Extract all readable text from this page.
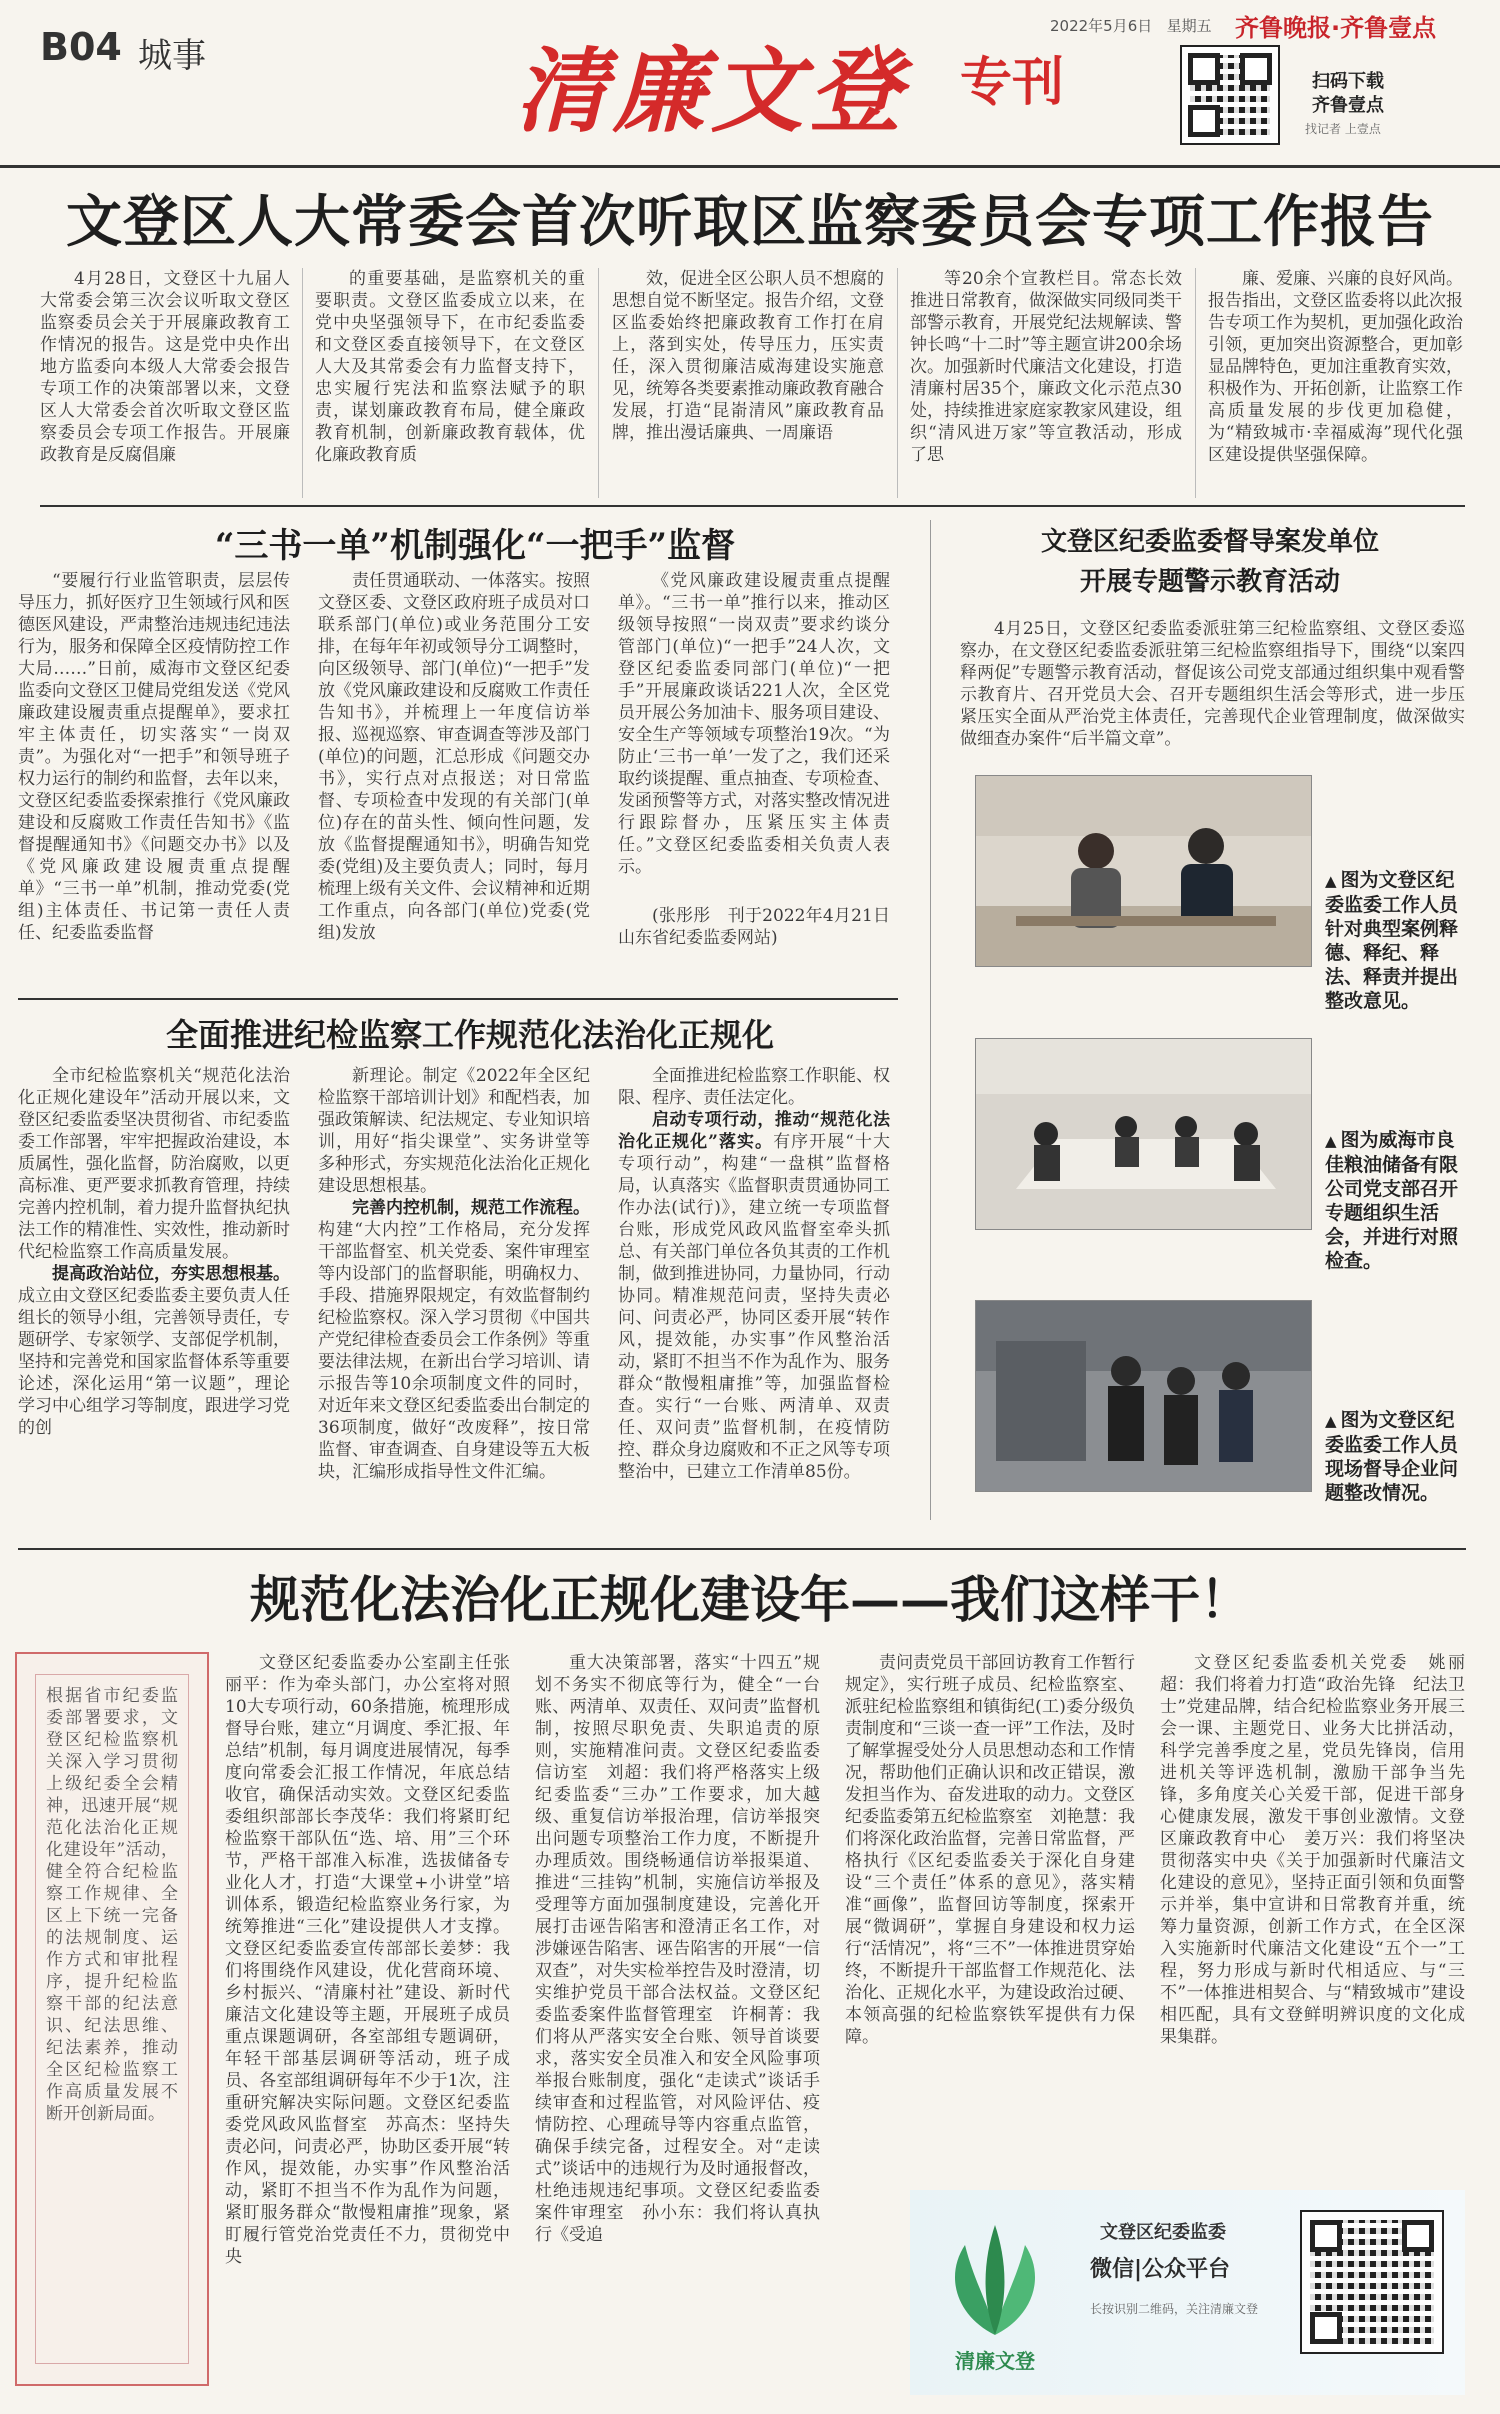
B04 城事	清廉文登 专刊
2022年5月6日 星期五 齐鲁晚报·齐鲁壹点
扫码下载
齐鲁壹点
找记者 上壹点
文登区人大常委会首次听取区监察委员会专项工作报告

4月28日，文登区十九届人大常委会第三次会议听取文登区监察委员会关于开展廉政教育工作情况的报告。这是党中央作出地方监委向本级人大常委会报告专项工作的决策部署以来，文登区人大常委会首次听取文登区监察委员会专项工作报告。开展廉政教育是反腐倡廉

的重要基础，是监察机关的重要职责。文登区监委成立以来，在党中央坚强领导下，在市纪委监委和文登区委直接领导下，在文登区人大及其常委会有力监督支持下，忠实履行宪法和监察法赋予的职责，谋划廉政教育布局，健全廉政教育机制，创新廉政教育载体，优化廉政教育质

效，促进全区公职人员不想腐的思想自觉不断坚定。报告介绍，文登区监委始终把廉政教育工作打在肩上，落到实处，传导压力，压实责任，深入贯彻廉洁威海建设实施意见，统筹各类要素推动廉政教育融合发展，打造“昆嵛清风”廉政教育品牌，推出漫话廉典、一周廉语

等20余个宣教栏目。常态长效推进日常教育，做深做实同级同类干部警示教育，开展党纪法规解读、警钟长鸣“十二时”等主题宣讲200余场次。加强新时代廉洁文化建设，打造清廉村居35个，廉政文化示范点30处，持续推进家庭家教家风建设，组织“清风进万家”等宣教活动，形成了思

廉、爱廉、兴廉的良好风尚。报告指出，文登区监委将以此次报告专项工作为契机，更加强化政治引领，更加突出资源整合，更加彰显品牌特色，更加注重教育实效，积极作为、开拓创新，让监察工作高质量发展的步伐更加稳健，为“精致城市·幸福威海”现代化强区建设提供坚强保障。

“三书一单”机制强化“一把手”监督

“要履行行业监管职责，层层传导压力，抓好医疗卫生领域行风和医德医风建设，严肃整治违规违纪违法行为，服务和保障全区疫情防控工作大局……”日前，威海市文登区纪委监委向文登区卫健局党组发送《党风廉政建设履责重点提醒单》，要求扛牢主体责任，切实落实“一岗双责”。为强化对“一把手”和领导班子权力运行的制约和监督，去年以来，文登区纪委监委探索推行《党风廉政建设和反腐败工作责任告知书》《监督提醒通知书》《问题交办书》以及《党风廉政建设履责重点提醒单》“三书一单”机制，推动党委(党组)主体责任、书记第一责任人责任、纪委监委监督

责任贯通联动、一体落实。按照文登区委、文登区政府班子成员对口联系部门(单位)或业务范围分工安排，在每年年初或领导分工调整时，向区级领导、部门(单位)“一把手”发放《党风廉政建设和反腐败工作责任告知书》，并梳理上一年度信访举报、巡视巡察、审查调查等涉及部门(单位)的问题，汇总形成《问题交办书》，实行点对点报送；对日常监督、专项检查中发现的有关部门(单位)存在的苗头性、倾向性问题，发放《监督提醒通知书》，明确告知党委(党组)及主要负责人；同时，每月梳理上级有关文件、会议精神和近期工作重点，向各部门(单位)党委(党组)发放

《党风廉政建设履责重点提醒单》。“三书一单”推行以来，推动区级领导按照“一岗双责”要求约谈分管部门(单位)“一把手”24人次，文登区纪委监委同部门(单位)“一把手”开展廉政谈话221人次，全区党员开展公务加油卡、服务项目建设、安全生产等领域专项整治19次。“为防止‘三书一单’一发了之，我们还采取约谈提醒、重点抽查、专项检查、发函预警等方式，对落实整改情况进行跟踪督办，压紧压实主体责任。”文登区纪委监委相关负责人表示。

(张彤彤　刊于2022年4月21日山东省纪委监委网站)

文登区纪委监委督导案发单位
开展专题警示教育活动

4月25日，文登区纪委监委派驻第三纪检监察组、文登区委巡察办，在文登区纪委监委派驻第三纪检监察组指导下，围绕“以案四释两促”专题警示教育活动，督促该公司党支部通过组织集中观看警示教育片、召开党员大会、召开专题组织生活会等形式，进一步压紧压实全面从严治党主体责任，完善现代企业管理制度，做深做实做细查办案件“后半篇文章”。

▲ 图为文登区纪委监委工作人员针对典型案例释德、释纪、释法、释责并提出整改意见。
▲ 图为威海市良佳粮油储备有限公司党支部召开专题组织生活会，并进行对照检查。
▲ 图为文登区纪委监委工作人员现场督导企业问题整改情况。
全面推进纪检监察工作规范化法治化正规化

全市纪检监察机关“规范化法治化正规化建设年”活动开展以来，文登区纪委监委坚决贯彻省、市纪委监委工作部署，牢牢把握政治建设，本质属性，强化监督，防治腐败，以更高标准、更严要求抓教育管理，持续完善内控机制，着力提升监督执纪执法工作的精准性、实效性，推动新时代纪检监察工作高质量发展。

提高政治站位，夯实思想根基。成立由文登区纪委监委主要负责人任组长的领导小组，完善领导责任，专题研学、专家领学、支部促学机制，坚持和完善党和国家监督体系等重要论述，深化运用“第一议题”，理论学习中心组学习等制度，跟进学习党的创

新理论。制定《2022年全区纪检监察干部培训计划》和配档表，加强政策解读、纪法规定、专业知识培训，用好“指尖课堂”、实务讲堂等多种形式，夯实规范化法治化正规化建设思想根基。

完善内控机制，规范工作流程。构建“大内控”工作格局，充分发挥干部监督室、机关党委、案件审理室等内设部门的监督职能，明确权力、手段、措施界限规定，有效监督制约纪检监察权。深入学习贯彻《中国共产党纪律检查委员会工作条例》等重要法律法规，在新出台学习培训、请示报告等10余项制度文件的同时，对近年来文登区纪委监委出台制定的36项制度，做好“改废释”，按日常监督、审查调查、自身建设等五大板块，汇编形成指导性文件汇编。

全面推进纪检监察工作职能、权限、程序、责任法定化。

启动专项行动，推动“规范化法治化正规化”落实。有序开展“十大专项行动”，构建“一盘棋”监督格局，认真落实《监督职责贯通协同工作办法(试行)》，建立统一专项监督台账，形成党风政风监督室牵头抓总、有关部门单位各负其责的工作机制，做到推进协同，力量协同，行动协同。精准规范问责，坚持失责必问、问责必严，协同区委开展“转作风，提效能，办实事”作风整治活动，紧盯不担当不作为乱作为、服务群众“散慢粗庸推”等，加强监督检查。实行“一台账、两清单、双责任、双问责”监督机制，在疫情防控、群众身边腐败和不正之风等专项整治中，已建立工作清单85份。

规范化法治化正规化建设年——我们这样干！
根据省市纪委监委部署要求，文登区纪检监察机关深入学习贯彻上级纪委全会精神，迅速开展“规范化法治化正规化建设年”活动，健全符合纪检监察工作规律、全区上下统一完备的法规制度、运作方式和审批程序，提升纪检监察干部的纪法意识、纪法思维、纪法素养，推动全区纪检监察工作高质量发展不断开创新局面。

文登区纪委监委办公室副主任张丽平：作为牵头部门，办公室将对照10大专项行动，60条措施，梳理形成督导台账，建立“月调度、季汇报、年总结”机制，每月调度进展情况，每季度向常委会汇报工作情况，年底总结收官，确保活动实效。文登区纪委监委组织部部长李茂华：我们将紧盯纪检监察干部队伍“选、培、用”三个环节，严格干部准入标准，选拔储备专业化人才，打造“大课堂+小讲堂”培训体系，锻造纪检监察业务行家，为统筹推进“三化”建设提供人才支撑。文登区纪委监委宣传部部长姜梦：我们将围绕作风建设，优化营商环境、乡村振兴、“清廉村社”建设、新时代廉洁文化建设等主题，开展班子成员重点课题调研，各室部组专题调研，年轻干部基层调研等活动，班子成员、各室部组调研每年不少于1次，注重研究解决实际问题。文登区纪委监委党风政风监督室　苏高杰：坚持失责必问，问责必严，协助区委开展“转作风，提效能，办实事”作风整治活动，紧盯不担当不作为乱作为问题，紧盯服务群众“散慢粗庸推”现象，紧盯履行管党治党责任不力，贯彻党中央

重大决策部署，落实“十四五”规划不务实不彻底等行为，健全“一台账、两清单、双责任、双问责”监督机制，按照尽职免责、失职追责的原则，实施精准问责。文登区纪委监委信访室　刘超：我们将严格落实上级纪委监委“三办”工作要求，加大越级、重复信访举报治理，信访举报突出问题专项整治工作力度，不断提升办理质效。围绕畅通信访举报渠道、推进“三挂钩”机制，实施信访举报及受理等方面加强制度建设，完善化开展打击诬告陷害和澄清正名工作，对涉嫌诬告陷害、诬告陷害的开展“一信双查”，对失实检举控告及时澄清，切实维护党员干部合法权益。文登区纪委监委案件监督管理室　许桐菁：我们将从严落实安全台账、领导首谈要求，落实安全员准入和安全风险事项举报台账制度，强化“走读式”谈话手续审查和过程监管，对风险评估、疫情防控、心理疏导等内容重点监管，确保手续完备，过程安全。对“走读式”谈话中的违规行为及时通报督改，杜绝违规违纪事项。文登区纪委监委案件审理室　孙小东：我们将认真执行《受追

责问责党员干部回访教育工作暂行规定》，实行班子成员、纪检监察室、派驻纪检监察组和镇街纪(工)委分级负责制度和“三谈一查一评”工作法，及时了解掌握受处分人员思想动态和工作情况，帮助他们正确认识和改正错误，激发担当作为、奋发进取的动力。文登区纪委监委第五纪检监察室　刘艳慧：我们将深化政治监督，完善日常监督，严格执行《区纪委监委关于深化自身建设“三个责任”体系的意见》，落实精准“画像”，监督回访等制度，探索开展“微调研”，掌握自身建设和权力运行“活情况”，将“三不”一体推进贯穿始终，不断提升干部监督工作规范化、法治化、正规化水平，为建设政治过硬、本领高强的纪检监察铁军提供有力保障。

文登区纪委监委机关党委　姚丽超：我们将着力打造“政治先锋　纪法卫士”党建品牌，结合纪检监察业务开展三会一课、主题党日、业务大比拼活动，科学完善季度之星，党员先锋岗，信用进机关等评选机制，激励干部争当先锋，多角度关心关爱干部，促进干部身心健康发展，激发干事创业激情。文登区廉政教育中心　姜万兴：我们将坚决贯彻落实中央《关于加强新时代廉洁文化建设的意见》，坚持正面引领和负面警示并举，集中宣讲和日常教育并重，统筹力量资源，创新工作方式，在全区深入实施新时代廉洁文化建设“五个一”工程，努力形成与新时代相适应、与“三不”一体推进相契合、与“精致城市”建设相匹配，具有文登鲜明辨识度的文化成果集群。

清廉文登
文登区纪委监委
微信|公众平台
长按识别二维码，关注清廉文登
